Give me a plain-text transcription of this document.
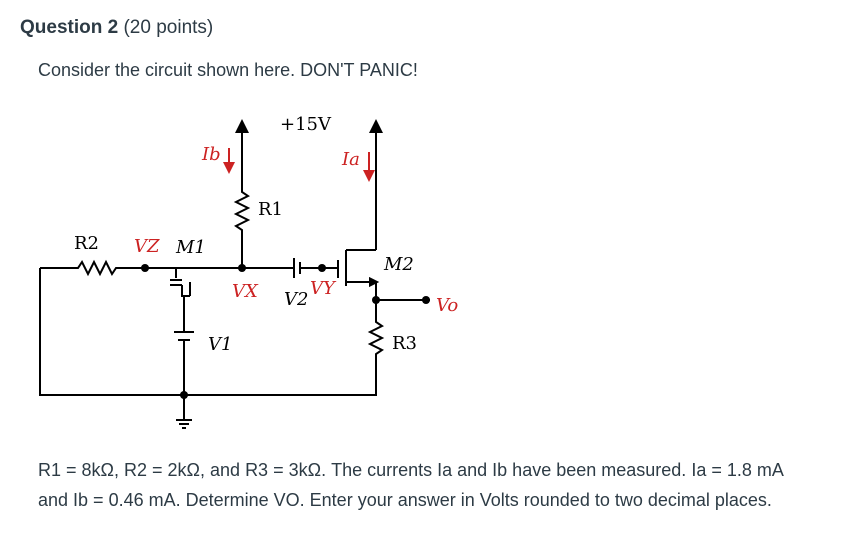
Question 2 (20 points)
Consider the circuit shown here. DON'T PANIC!
+15V
R1
R2
R3
M1
M2
V1
V2
Ib	Ia
VZ
VX	VY
Vo
R1 = 8kΩ, R2 = 2kΩ, and R3 = 3kΩ. The currents Ia and Ib have been measured. Ia = 1.8 mA
and Ib = 0.46 mA. Determine VO. Enter your answer in Volts rounded to two decimal places.
